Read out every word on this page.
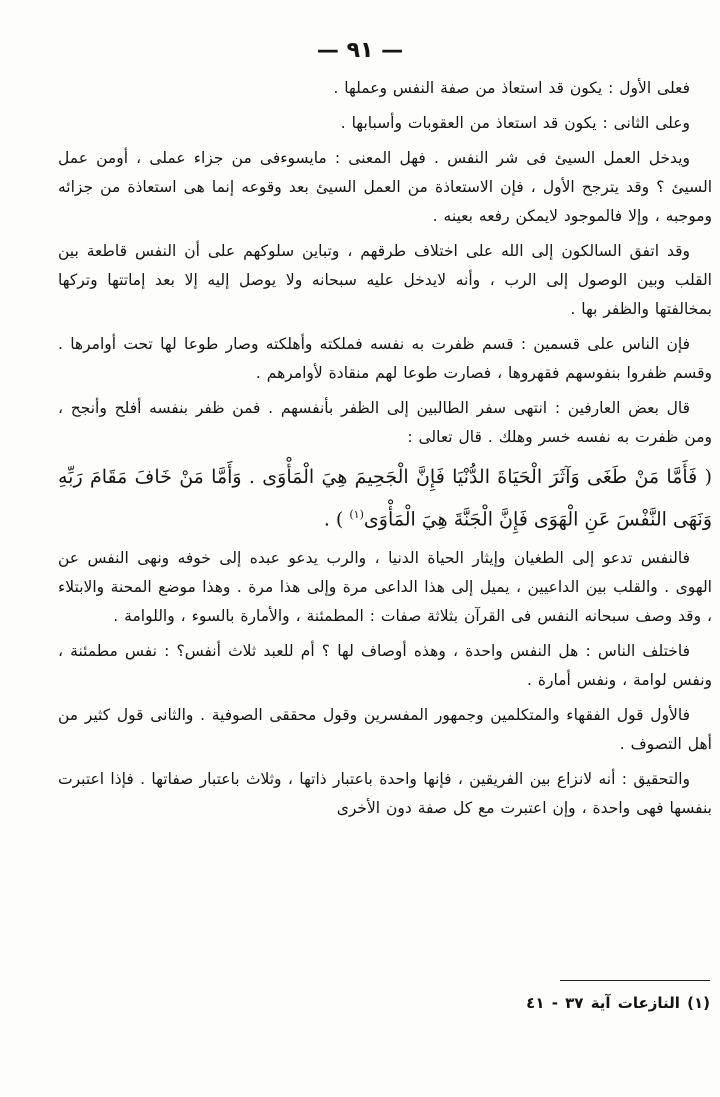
— ٩١ —

فعلى الأول : يكون قد استعاذ من صفة النفس وعملها .

وعلى الثانى : يكون قد استعاذ من العقوبات وأسبابها .

ويدخل العمل السيئ فى شر النفس . فهل المعنى : مايسوءفى من جزاء عملى ، أومن عمل السيئ ؟ وقد يترجح الأول ، فإن الاستعاذة من العمل السيئ بعد وقوعه إنما هى استعاذة من جزائه وموجبه ، وإلا فالموجود لايمكن رفعه بعينه .

وقد اتفق السالكون إلى الله على اختلاف طرقهم ، وتباين سلوكهم على أن النفس قاطعة بين القلب وبين الوصول إلى الرب ، وأنه لايدخل عليه سبحانه ولا يوصل إليه إلا بعد إماتتها وتركها بمخالفتها والظفر بها .

فإن الناس على قسمين : قسم ظفرت به نفسه فملكته وأهلكته وصار طوعا لها تحت أوامرها . وقسم ظفروا بنفوسهم فقهروها ، فصارت طوعا لهم منقادة لأوامرهم .

قال بعض العارفين : انتهى سفر الطالبين إلى الظفر بأنفسهم . فمن ظفر بنفسه أفلح وأنجح ، ومن ظفرت به نفسه خسر وهلك . قال تعالى :

( فَأَمَّا مَنْ طَغَى وَآثَرَ الْحَيَاةَ الدُّنْيَا فَإِنَّ الْجَحِيمَ هِيَ الْمَأْوَى . وَأَمَّا مَنْ خَافَ مَقَامَ رَبِّهِ وَنَهَى النَّفْسَ عَنِ الْهَوَى فَإِنَّ الْجَنَّةَ هِيَ الْمَأْوَى$^{(١)}$ ) .

فالنفس تدعو إلى الطغيان وإيثار الحياة الدنيا ، والرب يدعو عبده إلى خوفه ونهى النفس عن الهوى . والقلب بين الداعيين ، يميل إلى هذا الداعى مرة وإلى هذا مرة . وهذا موضع المحنة والابتلاء ، وقد وصف سبحانه النفس فى القرآن بثلاثة صفات : المطمئنة ، والأمارة بالسوء ، واللوامة .

فاختلف الناس : هل النفس واحدة ، وهذه أوصاف لها ؟ أم للعبد ثلاث أنفس؟ : نفس مطمئنة ، ونفس لوامة ، ونفس أمارة .

فالأول قول الفقهاء والمتكلمين وجمهور المفسرين وقول محققى الصوفية . والثانى قول كثير من أهل التصوف .

والتحقيق : أنه لانزاع بين الفريقين ، فإنها واحدة باعتبار ذاتها ، وثلاث باعتبار صفاتها . فإذا اعتبرت بنفسها فهى واحدة ، وإن اعتبرت مع كل صفة دون الأخرى

(١) النازعات آية ٣٧ - ٤١
